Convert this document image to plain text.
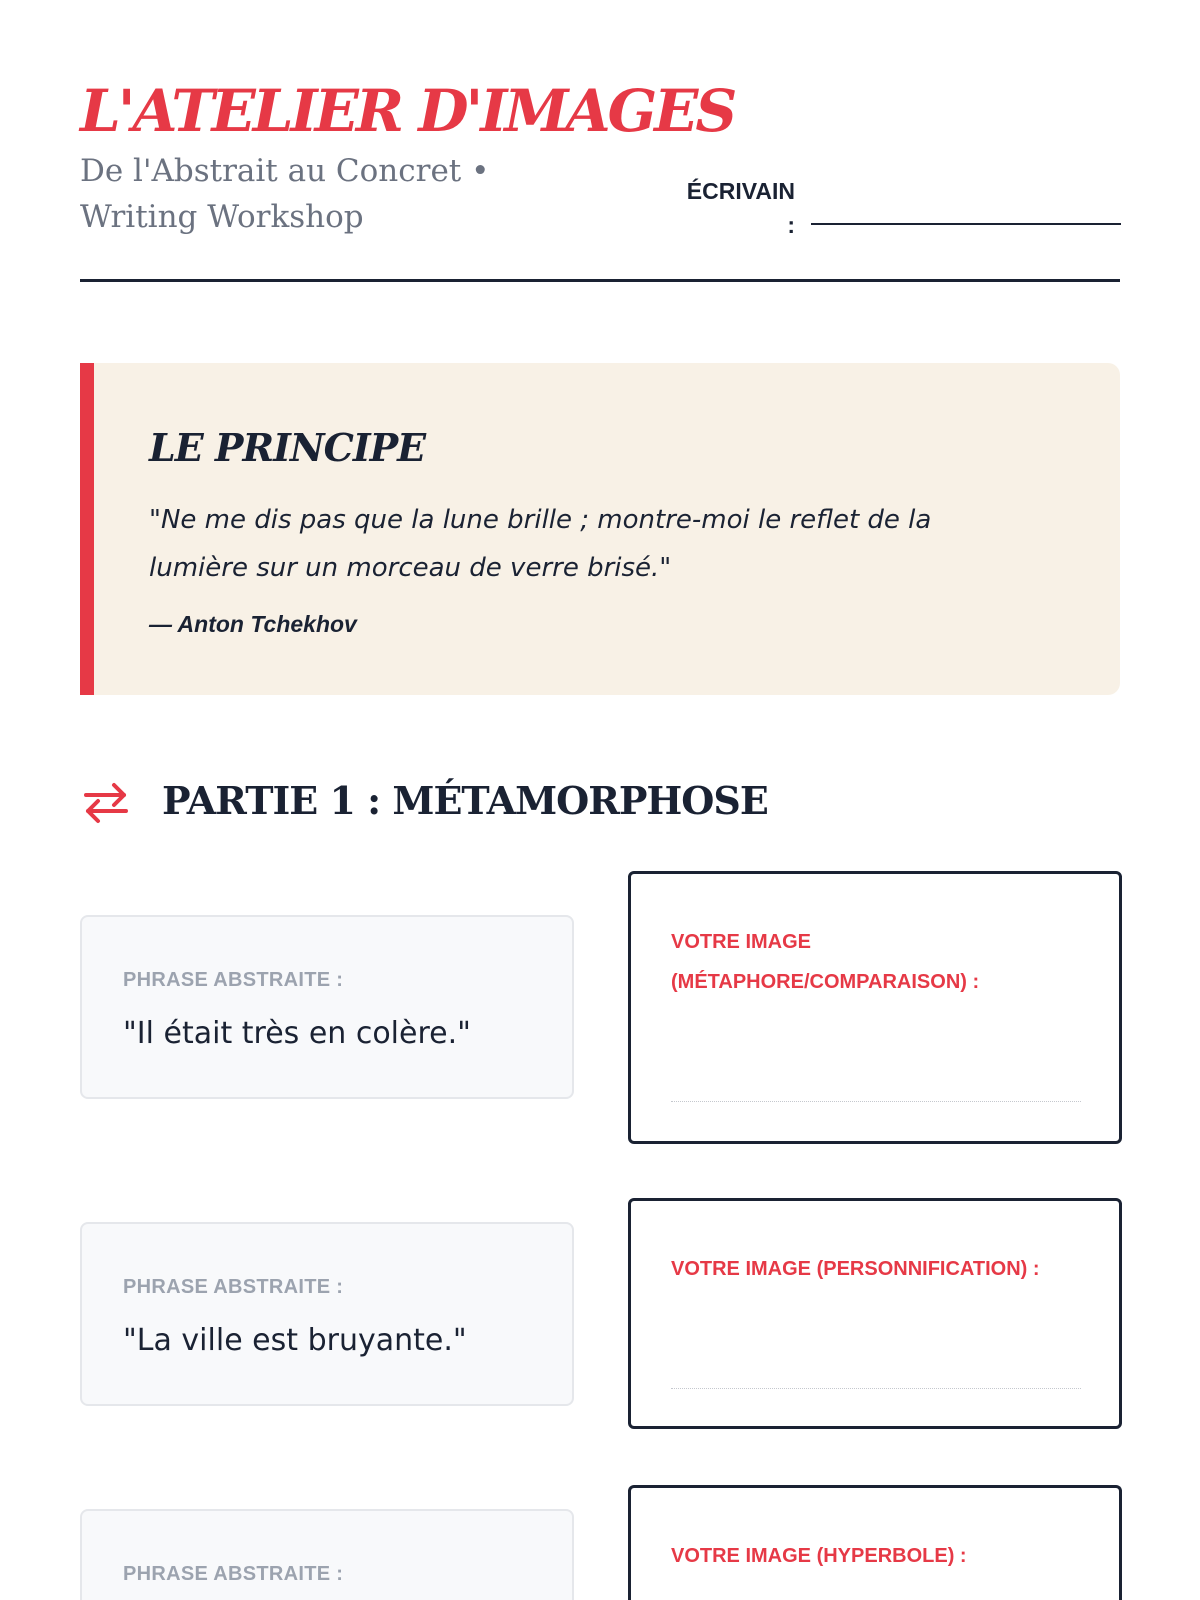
L'ATELIER D'IMAGES
De l'Abstrait au Concret • Writing Workshop
ÉCRIVAIN :
LE PRINCIPE
"Ne me dis pas que la lune brille ; montre-moi le reflet de la lumière sur un morceau de verre brisé."
— Anton Tchekhov
PARTIE 1 : MÉTAMORPHOSE
PHRASE ABSTRAITE :
"Il était très en colère."
VOTRE IMAGE (MÉTAPHORE/COMPARAISON) :
PHRASE ABSTRAITE :
"La ville est bruyante."
VOTRE IMAGE (PERSONNIFICATION) :
PHRASE ABSTRAITE :
VOTRE IMAGE (HYPERBOLE) :
